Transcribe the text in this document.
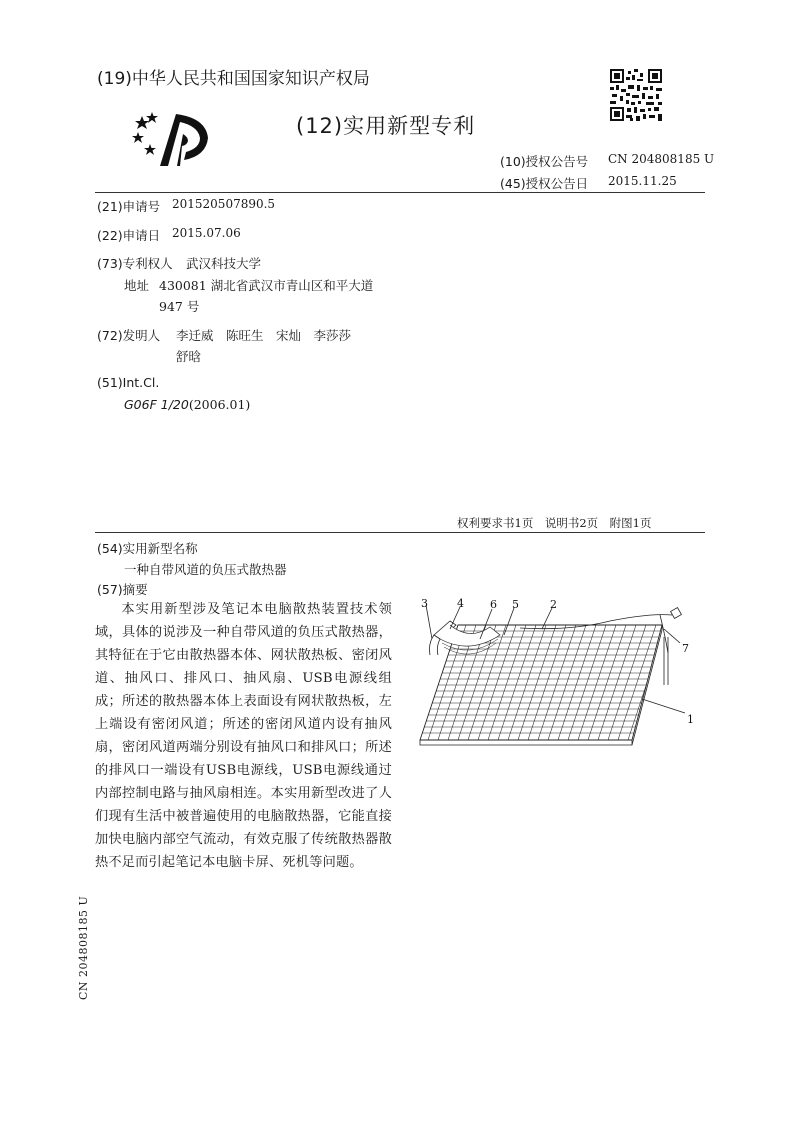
(19)中华人民共和国国家知识产权局
(12)实用新型专利
(10)授权公告号 CN 204808185 U
(45)授权公告日 2015.11.25
(21)申请号 201520507890.5
(22)申请日 2015.07.06
(73)专利权人 武汉科技大学
地址 430081 湖北省武汉市青山区和平大道
947 号
(72)发明人 李迁威　陈旺生　宋灿　李莎莎
舒晗
(51)Int.Cl.
G06F 1/20(2006.01)
权利要求书1页　说明书2页　附图1页
(54)实用新型名称
一种自带风道的负压式散热器
(57)摘要

本实用新型涉及笔记本电脑散热装置技术领域，具体的说涉及一种自带风道的负压式散热器，其特征在于它由散热器本体、网状散热板、密闭风道、抽风口、排风口、抽风扇、USB电源线组成；所述的散热器本体上表面设有网状散热板，左上端设有密闭风道；所述的密闭风道内设有抽风扇，密闭风道两端分别设有抽风口和排风口；所述的排风口一端设有USB电源线，USB电源线通过内部控制电路与抽风扇相连。本实用新型改进了人们现有生活中被普遍使用的电脑散热器，它能直接加快电脑内部空气流动，有效克服了传统散热器散热不足而引起笔记本电脑卡屏、死机等问题。

3	4 6 5	2
7
1
CN 204808185 U
